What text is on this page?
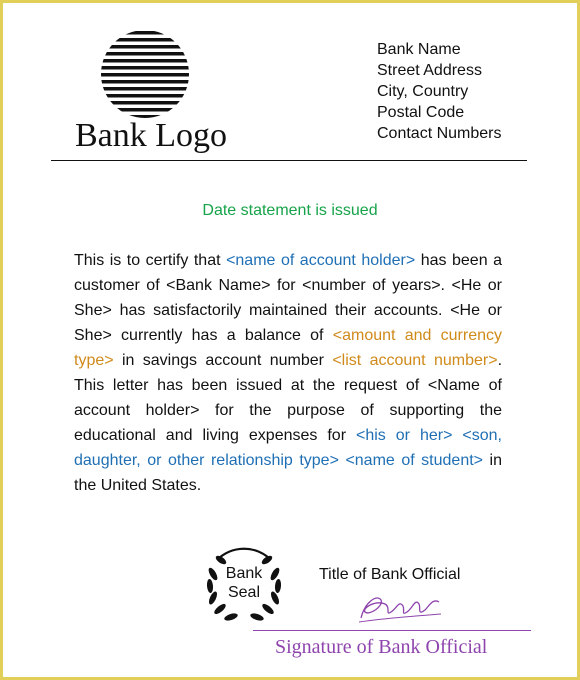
Bank Logo
Bank Name
Street Address
City, Country
Postal Code
Contact Numbers
Date statement is issued
This is to certify that <name of account holder> has been a customer of <Bank Name> for <number of years>. <He or She> has satisfactorily maintained their accounts. <He or She> currently has a balance of <amount and currency type> in savings account number <list account number>. This letter has been issued at the request of <Name of account holder> for the purpose of supporting the educational and living expenses for <his or her> <son, daughter, or other relationship type> <name of student> in the United States.
Bank
Seal
Title of Bank Official
Signature of Bank Official
